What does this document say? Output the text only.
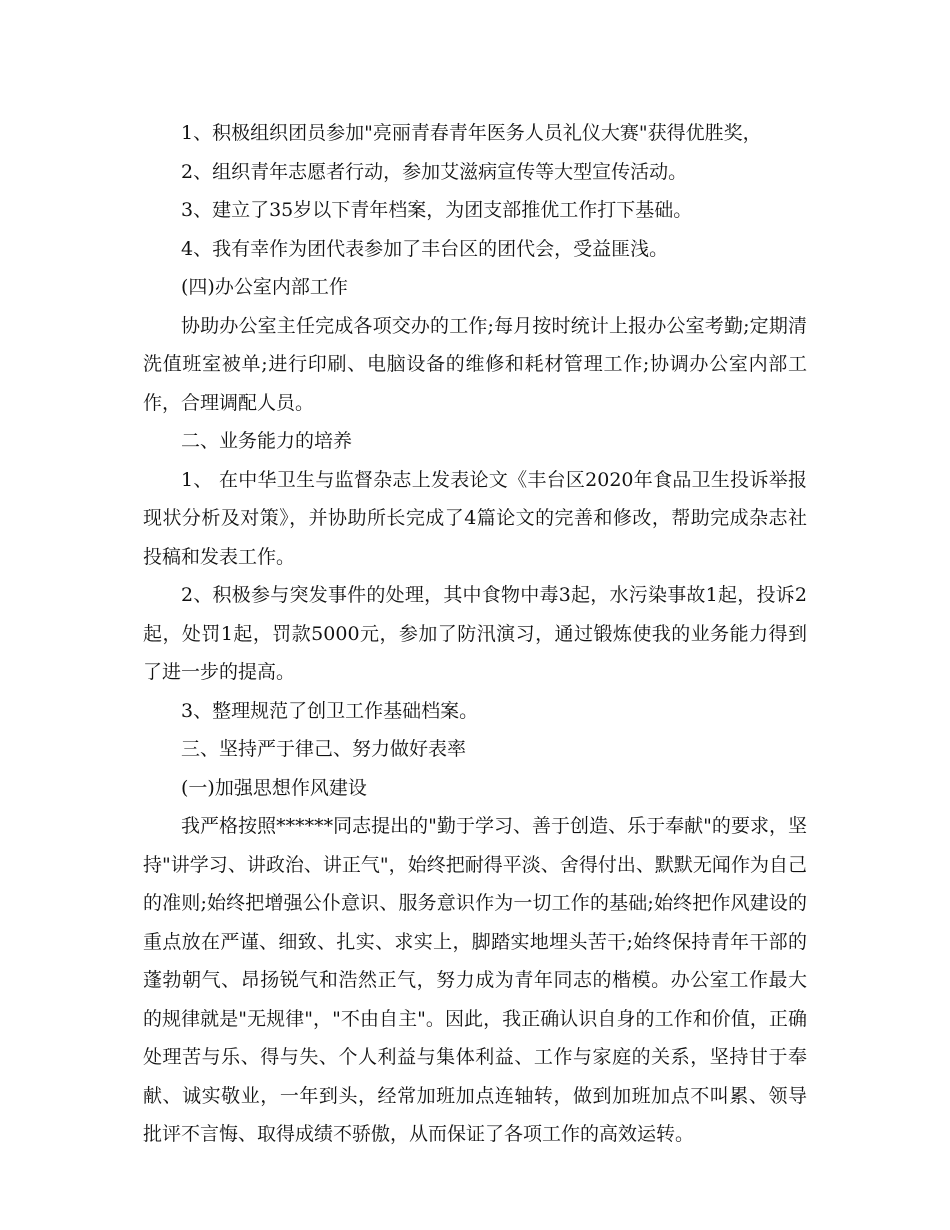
1、积极组织团员参加"亮丽青春青年医务人员礼仪大赛"获得优胜奖，

2、组织青年志愿者行动，参加艾滋病宣传等大型宣传活动。

3、建立了35岁以下青年档案，为团支部推优工作打下基础。

4、我有幸作为团代表参加了丰台区的团代会，受益匪浅。

(四)办公室内部工作

协助办公室主任完成各项交办的工作;每月按时统计上报办公室考勤;定期清洗值班室被单;进行印刷、电脑设备的维修和耗材管理工作;协调办公室内部工作，合理调配人员。

二、业务能力的培养

1、 在中华卫生与监督杂志上发表论文《丰台区2020年食品卫生投诉举报现状分析及对策》，并协助所长完成了4篇论文的完善和修改，帮助完成杂志社投稿和发表工作。

2、积极参与突发事件的处理，其中食物中毒3起，水污染事故1起，投诉2起，处罚1起，罚款5000元，参加了防汛演习，通过锻炼使我的业务能力得到了进一步的提高。

3、整理规范了创卫工作基础档案。

三、坚持严于律己、努力做好表率

(一)加强思想作风建设

我严格按照******同志提出的"勤于学习、善于创造、乐于奉献"的要求，坚持"讲学习、讲政治、讲正气"，始终把耐得平淡、舍得付出、默默无闻作为自己的准则;始终把增强公仆意识、服务意识作为一切工作的基础;始终把作风建设的重点放在严谨、细致、扎实、求实上，脚踏实地埋头苦干;始终保持青年干部的蓬勃朝气、昂扬锐气和浩然正气，努力成为青年同志的楷模。办公室工作最大的规律就是"无规律"，"不由自主"。因此，我正确认识自身的工作和价值，正确处理苦与乐、得与失、个人利益与集体利益、工作与家庭的关系，坚持甘于奉献、诚实敬业，一年到头，经常加班加点连轴转，做到加班加点不叫累、领导批评不言悔、取得成绩不骄傲，从而保证了各项工作的高效运转。
